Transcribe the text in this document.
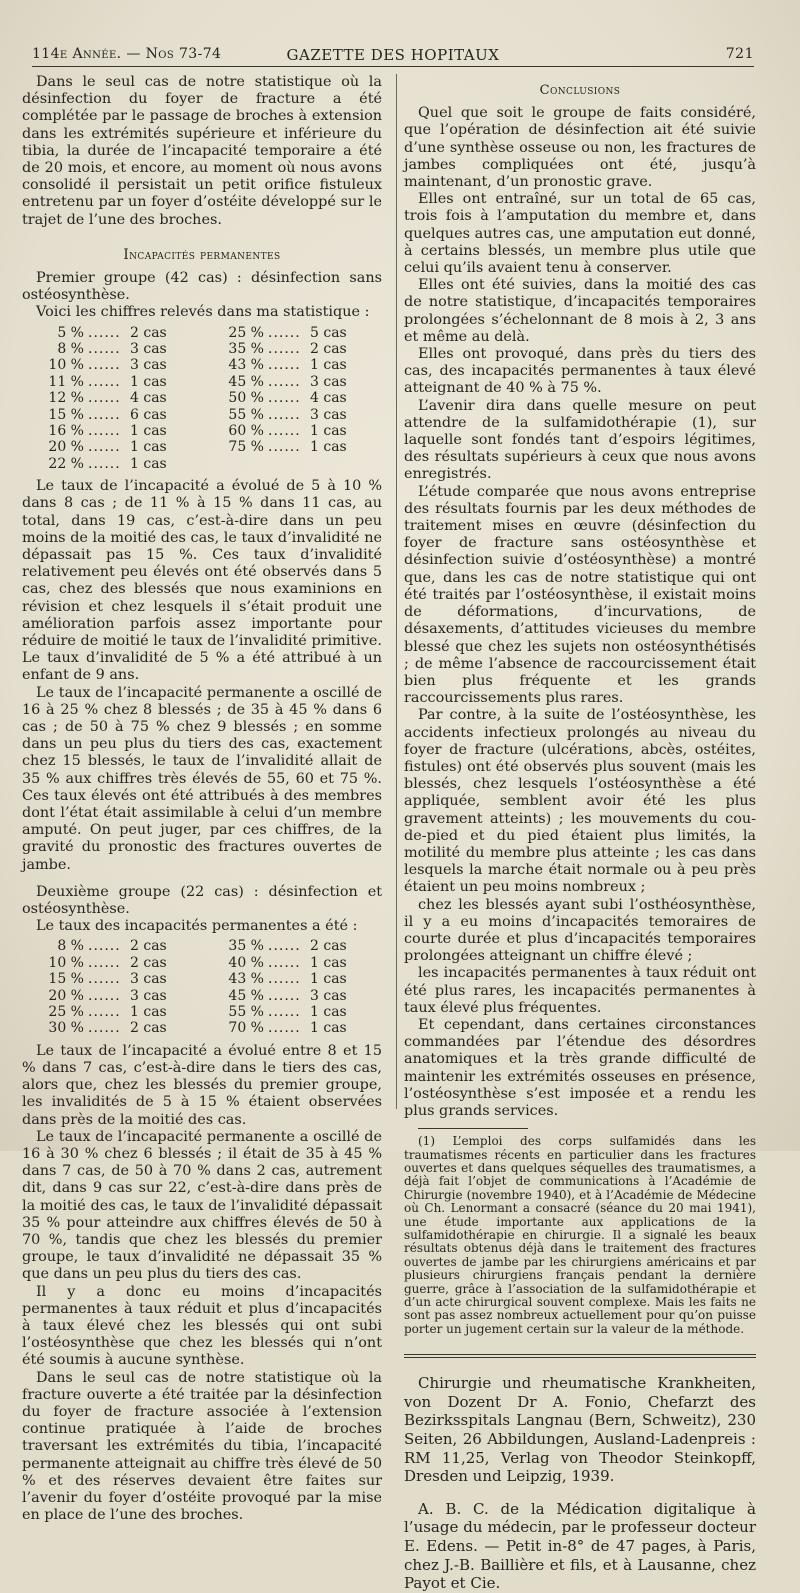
114e Année. — Nos 73-74	GAZETTE DES HOPITAUX	721

Dans le seul cas de notre statistique où la désinfection du foyer de fracture a été complétée par le passage de broches à extension dans les extrémités supérieure et inférieure du tibia, la durée de l’incapacité temporaire a été de 20 mois, et encore, au moment où nous avons consolidé il persistait un petit orifice fistuleux entretenu par un foyer d’ostéite développé sur le trajet de l’une des broches.

Incapacités permanentes

Premier groupe (42 cas) : désinfection sans ostéosynthèse.

Voici les chiffres relevés dans ma statistique :

5 % ...... 2 cas	25 % ...... 5 cas
8 % ...... 3 cas	35 % ...... 2 cas
10 % ...... 3 cas	43 % ...... 1 cas
11 % ...... 1 cas	45 % ...... 3 cas
12 % ...... 4 cas	50 % ...... 4 cas
15 % ...... 6 cas	55 % ...... 3 cas
16 % ...... 1 cas	60 % ...... 1 cas
20 % ...... 1 cas	75 % ...... 1 cas
22 % ...... 1 cas

Le taux de l’incapacité a évolué de 5 à 10 % dans 8 cas ; de 11 % à 15 % dans 11 cas, au total, dans 19 cas, c’est-à-dire dans un peu moins de la moitié des cas, le taux d’invalidité ne dépassait pas 15 %. Ces taux d’invalidité relativement peu élevés ont été observés dans 5 cas, chez des blessés que nous examinions en révision et chez lesquels il s’était produit une amélioration parfois assez importante pour réduire de moitié le taux de l’invalidité primitive. Le taux d’invalidité de 5 % a été attribué à un enfant de 9 ans.

Le taux de l’incapacité permanente a oscillé de 16 à 25 % chez 8 blessés ; de 35 à 45 % dans 6 cas ; de 50 à 75 % chez 9 blessés ; en somme dans un peu plus du tiers des cas, exactement chez 15 blessés, le taux de l’invalidité allait de 35 % aux chiffres très élevés de 55, 60 et 75 %. Ces taux élevés ont été attribués à des membres dont l’état était assimilable à celui d’un membre amputé. On peut juger, par ces chiffres, de la gravité du pronostic des fractures ouvertes de jambe.

Deuxième groupe (22 cas) : désinfection et ostéosynthèse.

Le taux des incapacités permanentes a été :

8 % ...... 2 cas	35 % ...... 2 cas
10 % ...... 2 cas	40 % ...... 1 cas
15 % ...... 3 cas	43 % ...... 1 cas
20 % ...... 3 cas	45 % ...... 3 cas
25 % ...... 1 cas	55 % ...... 1 cas
30 % ...... 2 cas	70 % ...... 1 cas

Le taux de l’incapacité a évolué entre 8 et 15 % dans 7 cas, c’est-à-dire dans le tiers des cas, alors que, chez les blessés du premier groupe, les invalidités de 5 à 15 % étaient observées dans près de la moitié des cas.

Le taux de l’incapacité permanente a oscillé de 16 à 30 % chez 6 blessés ; il était de 35 à 45 % dans 7 cas, de 50 à 70 % dans 2 cas, autrement dit, dans 9 cas sur 22, c’est-à-dire dans près de la moitié des cas, le taux de l’invalidité dépassait 35 % pour atteindre aux chiffres élevés de 50 à 70 %, tandis que chez les blessés du premier groupe, le taux d’invalidité ne dépassait 35 % que dans un peu plus du tiers des cas.

Il y a donc eu moins d’incapacités permanentes à taux réduit et plus d’incapacités à taux élevé chez les blessés qui ont subi l’ostéosynthèse que chez les blessés qui n’ont été soumis à aucune synthèse.

Dans le seul cas de notre statistique où la fracture ouverte a été traitée par la désinfection du foyer de fracture associée à l’extension continue pratiquée à l’aide de broches traversant les extrémités du tibia, l’incapacité permanente atteignait au chiffre très élevé de 50 % et des réserves devaient être faites sur l’avenir du foyer d’ostéite provoqué par la mise en place de l’une des broches.

Conclusions

Quel que soit le groupe de faits considéré, que l’opération de désinfection ait été suivie d’une synthèse osseuse ou non, les fractures de jambes compliquées ont été, jusqu’à maintenant, d’un pronostic grave.

Elles ont entraîné, sur un total de 65 cas, trois fois à l’amputation du membre et, dans quelques autres cas, une amputation eut donné, à certains blessés, un membre plus utile que celui qu’ils avaient tenu à conserver.

Elles ont été suivies, dans la moitié des cas de notre statistique, d’incapacités temporaires prolongées s’échelonnant de 8 mois à 2, 3 ans et même au delà.

Elles ont provoqué, dans près du tiers des cas, des incapacités permanentes à taux élevé atteignant de 40 % à 75 %.

L’avenir dira dans quelle mesure on peut attendre de la sulfamidothérapie (1), sur laquelle sont fondés tant d’espoirs légitimes, des résultats supérieurs à ceux que nous avons enregistrés.

L’étude comparée que nous avons entreprise des résultats fournis par les deux méthodes de traitement mises en œuvre (désinfection du foyer de fracture sans ostéosynthèse et désinfection suivie d’ostéosynthèse) a montré que, dans les cas de notre statistique qui ont été traités par l’ostéosynthèse, il existait moins de déformations, d’incurvations, de désaxements, d’attitudes vicieuses du membre blessé que chez les sujets non ostéosynthétisés ; de même l’absence de raccourcissement était bien plus fréquente et les grands raccourcissements plus rares.

Par contre, à la suite de l’ostéosynthèse, les accidents infectieux prolongés au niveau du foyer de fracture (ulcérations, abcès, ostéites, fistules) ont été observés plus souvent (mais les blessés, chez lesquels l’ostéosynthèse a été appliquée, semblent avoir été les plus gravement atteints) ; les mouvements du cou-de-pied et du pied étaient plus limités, la motilité du membre plus atteinte ; les cas dans lesquels la marche était normale ou à peu près étaient un peu moins nombreux ;

chez les blessés ayant subi l’osthéosynthèse, il y a eu moins d’incapacités temoraires de courte durée et plus d’incapacités temporaires prolongées atteignant un chiffre élevé ;

les incapacités permanentes à taux réduit ont été plus rares, les incapacités permanentes à taux élevé plus fréquentes.

Et cependant, dans certaines circonstances commandées par l’étendue des désordres anatomiques et la très grande difficulté de maintenir les extrémités osseuses en présence, l’ostéosynthèse s’est imposée et a rendu les plus grands services.

(1) L’emploi des corps sulfamidés dans les traumatismes récents en particulier dans les fractures ouvertes et dans quelques séquelles des traumatismes, a déjà fait l’objet de communications à l’Académie de Chirurgie (novembre 1940), et à l’Académie de Médecine où Ch. Lenormant a consacré (séance du 20 mai 1941), une étude importante aux applications de la sulfamidothérapie en chirurgie. Il a signalé les beaux résultats obtenus déjà dans le traitement des fractures ouvertes de jambe par les chirurgiens américains et par plusieurs chirurgiens français pendant la dernière guerre, grâce à l’association de la sulfamidothérapie et d’un acte chirurgical souvent complexe. Mais les faits ne sont pas assez nombreux actuellement pour qu’on puisse porter un jugement certain sur la valeur de la méthode.

Chirurgie und rheumatische Krankheiten, von Dozent Dr A. Fonio, Chefarzt des Bezirksspitals Langnau (Bern, Schweitz), 230 Seiten, 26 Abbildungen, Ausland-Ladenpreis : RM 11,25, Verlag von Theodor Steinkopff, Dresden und Leipzig, 1939.

A. B. C. de la Médication digitalique à l’usage du médecin, par le professeur docteur E. Edens. — Petit in-8° de 47 pages, à Paris, chez J.-B. Baillière et fils, et à Lausanne, chez Payot et Cie.
